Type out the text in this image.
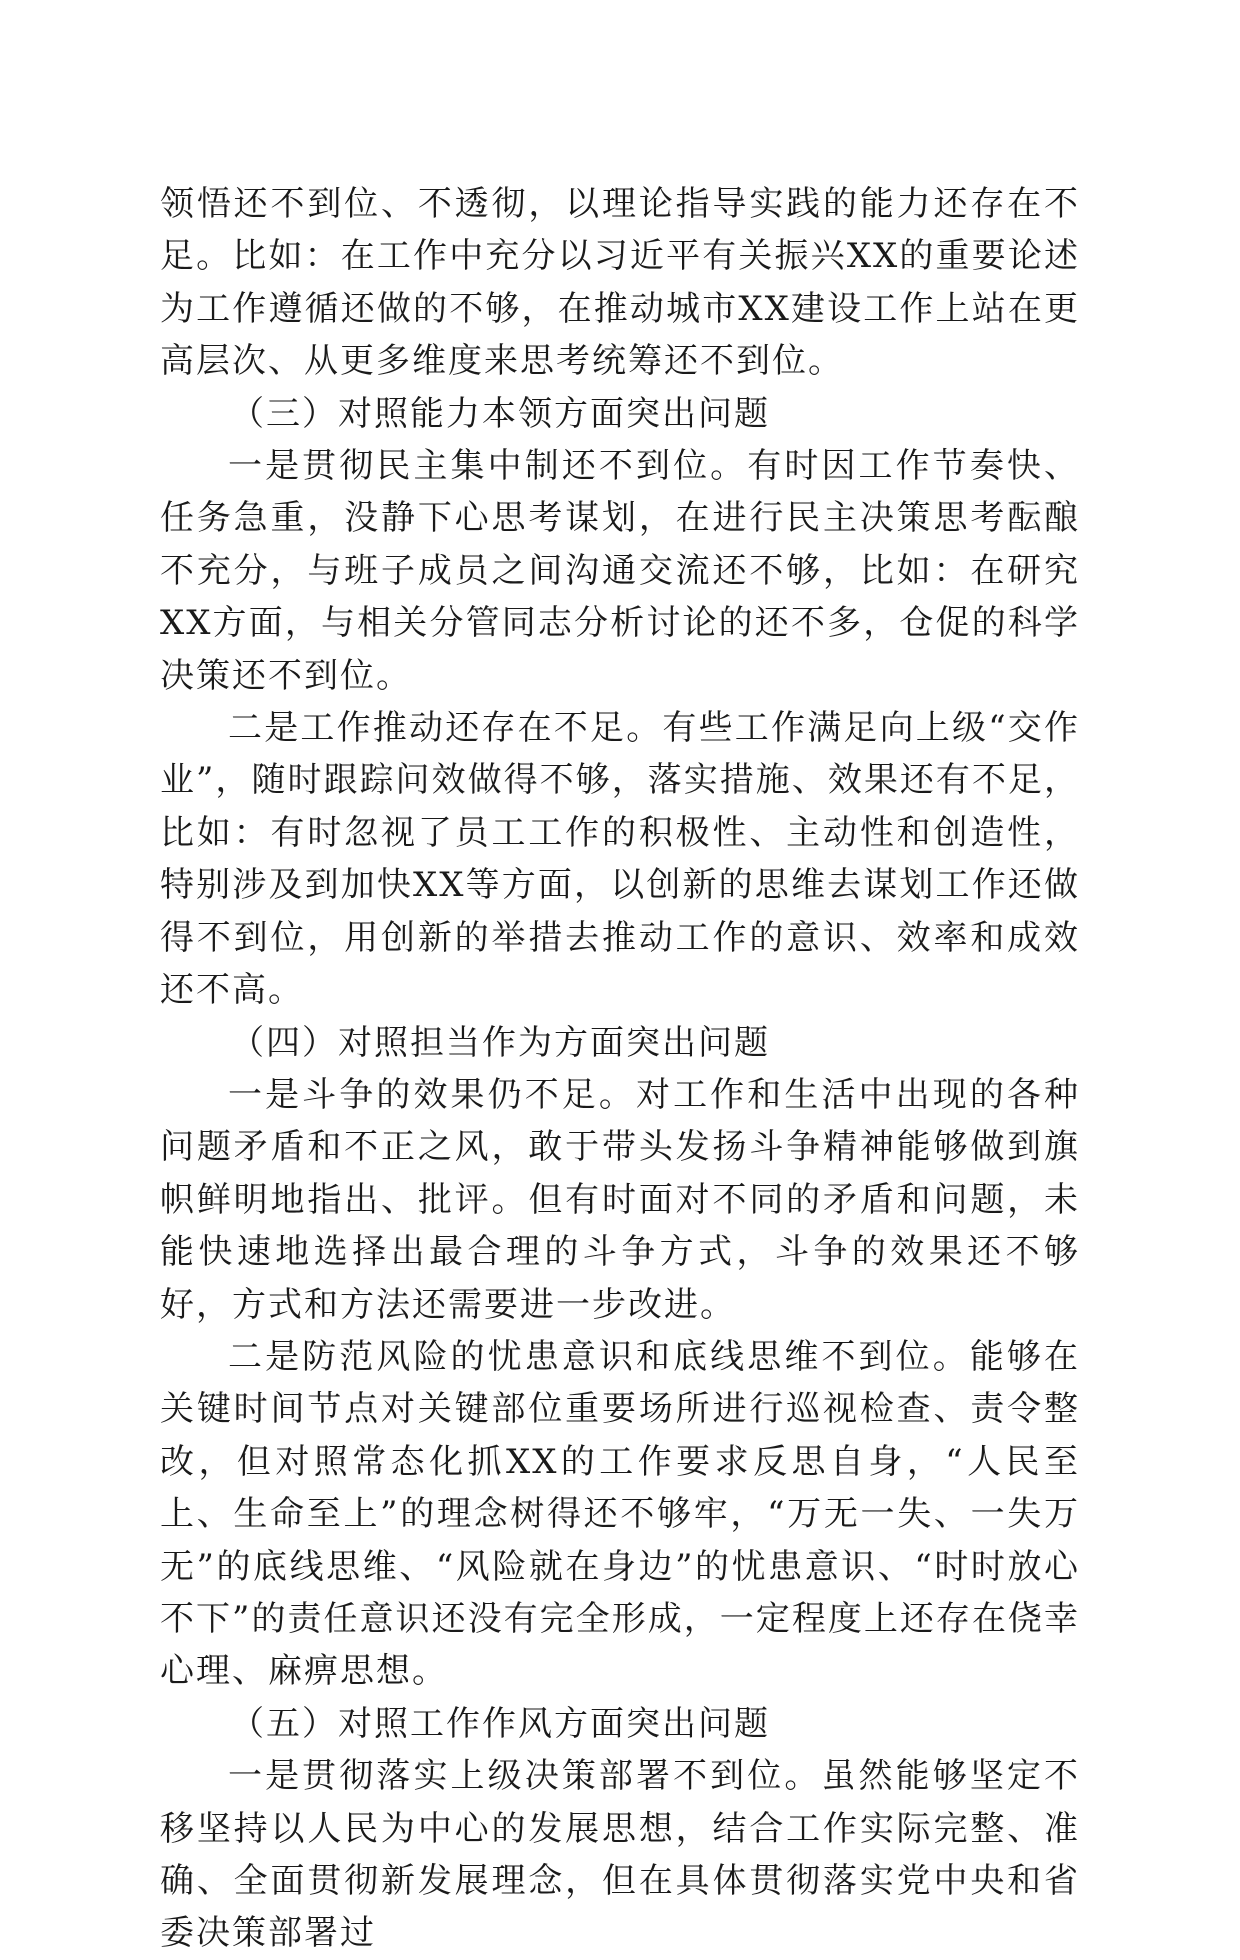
领悟还不到位、不透彻，以理论指导实践的能力还存在不足。比如：在工作中充分以习近平有关振兴XX的重要论述为工作遵循还做的不够，在推动城市XX建设工作上站在更高层次、从更多维度来思考统筹还不到位。

（三）对照能力本领方面突出问题

一是贯彻民主集中制还不到位。有时因工作节奏快、任务急重，没静下心思考谋划，在进行民主决策思考酝酿不充分，与班子成员之间沟通交流还不够，比如：在研究XX方面，与相关分管同志分析讨论的还不多，仓促的科学决策还不到位。

二是工作推动还存在不足。有些工作满足向上级“交作业”，随时跟踪问效做得不够，落实措施、效果还有不足，比如：有时忽视了员工工作的积极性、主动性和创造性，特别涉及到加快XX等方面，以创新的思维去谋划工作还做得不到位，用创新的举措去推动工作的意识、效率和成效还不高。

（四）对照担当作为方面突出问题

一是斗争的效果仍不足。对工作和生活中出现的各种问题矛盾和不正之风，敢于带头发扬斗争精神能够做到旗帜鲜明地指出、批评。但有时面对不同的矛盾和问题，未能快速地选择出最合理的斗争方式，斗争的效果还不够好，方式和方法还需要进一步改进。

二是防范风险的忧患意识和底线思维不到位。能够在关键时间节点对关键部位重要场所进行巡视检查、责令整改，但对照常态化抓XX的工作要求反思自身，“人民至上、生命至上”的理念树得还不够牢，“万无一失、一失万无”的底线思维、“风险就在身边”的忧患意识、“时时放心不下”的责任意识还没有完全形成，一定程度上还存在侥幸心理、麻痹思想。

（五）对照工作作风方面突出问题

一是贯彻落实上级决策部署不到位。虽然能够坚定不移坚持以人民为中心的发展思想，结合工作实际完整、准确、全面贯彻新发展理念，但在具体贯彻落实党中央和省委决策部署过
